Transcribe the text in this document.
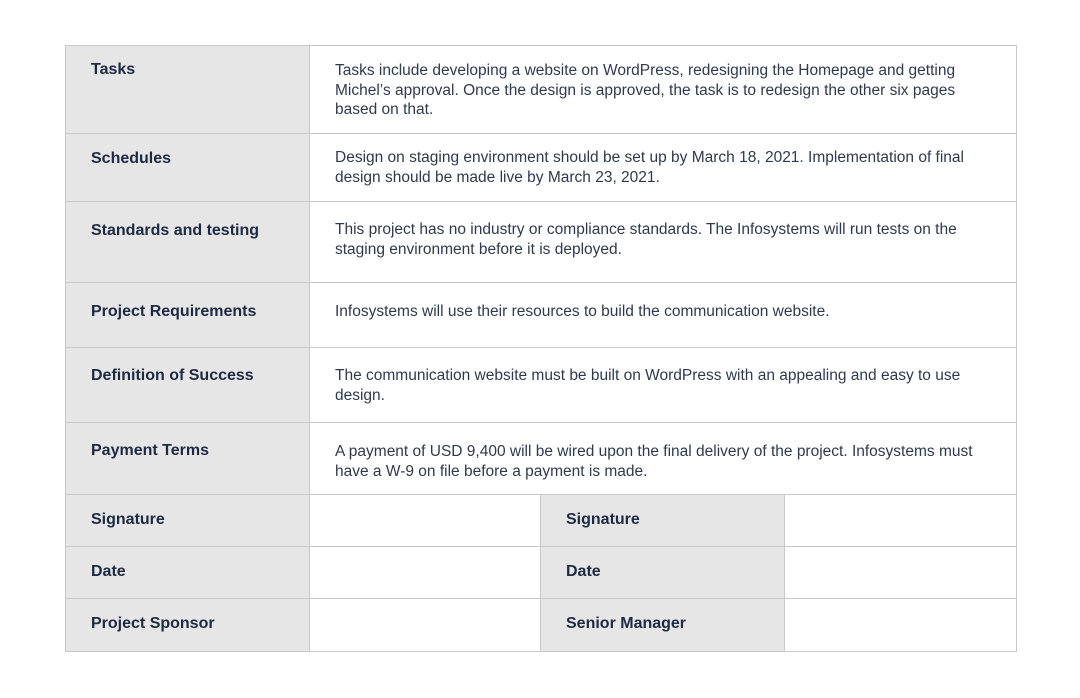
Tasks	Tasks include developing a website on WordPress, redesigning the Homepage and getting Michel’s approval. Once the design is approved, the task is to redesign the other six pages based on that.		
Schedules	Design on staging environment should be set up by March 18, 2021. Implementation of final design should be made live by March 23, 2021.		
Standards and testing	This project has no industry or compliance standards. The Infosystems will run tests on the staging environment before it is deployed.		
Project Requirements	Infosystems will use their resources to build the communication website.		
Definition of Success	The communication website must be built on WordPress with an appealing and easy to use design.		
Payment Terms	A payment of USD 9,400 will be wired upon the final delivery of the project. Infosystems must have a W-9 on file before a payment is made.		
Signature		Signature	
Date		Date	
Project Sponsor		Senior Manager	
